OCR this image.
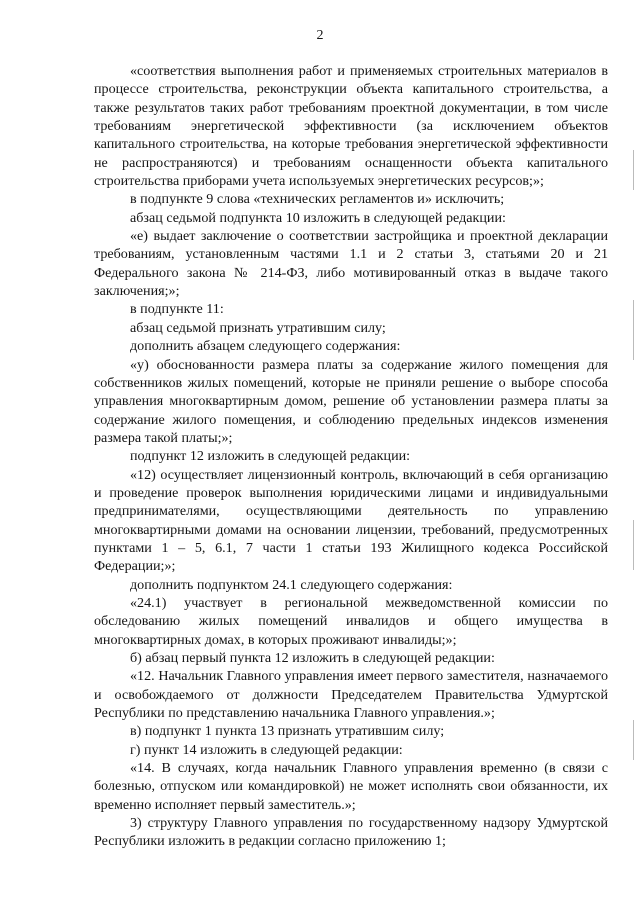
2

«соответствия выполнения работ и применяемых строительных материалов в процессе строительства, реконструкции объекта капитального строительства, а также результатов таких работ требованиям проектной документации, в том числе требованиям энергетической эффективности (за исключением объектов капитального строительства, на которые требования энергетической эффективности не распространяются) и требованиям оснащенности объекта капитального строительства приборами учета используемых энергетических ресурсов;»;

в подпункте 9 слова «технических регламентов и» исключить;

абзац седьмой подпункта 10 изложить в следующей редакции:

«е) выдает заключение о соответствии застройщика и проектной декларации требованиям, установленным частями 1.1 и 2 статьи 3, статьями 20 и 21 Федерального закона № 214-ФЗ, либо мотивированный отказ в выдаче такого заключения;»;

в подпункте 11:

абзац седьмой признать утратившим силу;

дополнить абзацем следующего содержания:

«у) обоснованности размера платы за содержание жилого помещения для собственников жилых помещений, которые не приняли решение о выборе способа управления многоквартирным домом, решение об установлении размера платы за содержание жилого помещения, и соблюдению предельных индексов изменения размера такой платы;»;

подпункт 12 изложить в следующей редакции:

«12) осуществляет лицензионный контроль, включающий в себя организацию и проведение проверок выполнения юридическими лицами и индивидуальными предпринимателями, осуществляющими деятельность по управлению многоквартирными домами на основании лицензии, требований, предусмотренных пунктами 1 – 5, 6.1, 7 части 1 статьи 193 Жилищного кодекса Российской Федерации;»;

дополнить подпунктом 24.1 следующего содержания:

«24.1) участвует в региональной межведомственной комиссии по обследованию жилых помещений инвалидов и общего имущества в многоквартирных домах, в которых проживают инвалиды;»;

б) абзац первый пункта 12 изложить в следующей редакции:

«12. Начальник Главного управления имеет первого заместителя, назначаемого и освобождаемого от должности Председателем Правительства Удмуртской Республики по представлению начальника Главного управления.»;

в) подпункт 1 пункта 13 признать утратившим силу;

г) пункт 14 изложить в следующей редакции:

«14. В случаях, когда начальник Главного управления временно (в связи с болезнью, отпуском или командировкой) не может исполнять свои обязанности, их временно исполняет первый заместитель.»;

3) структуру Главного управления по государственному надзору Удмуртской Республики изложить в редакции согласно приложению 1;
